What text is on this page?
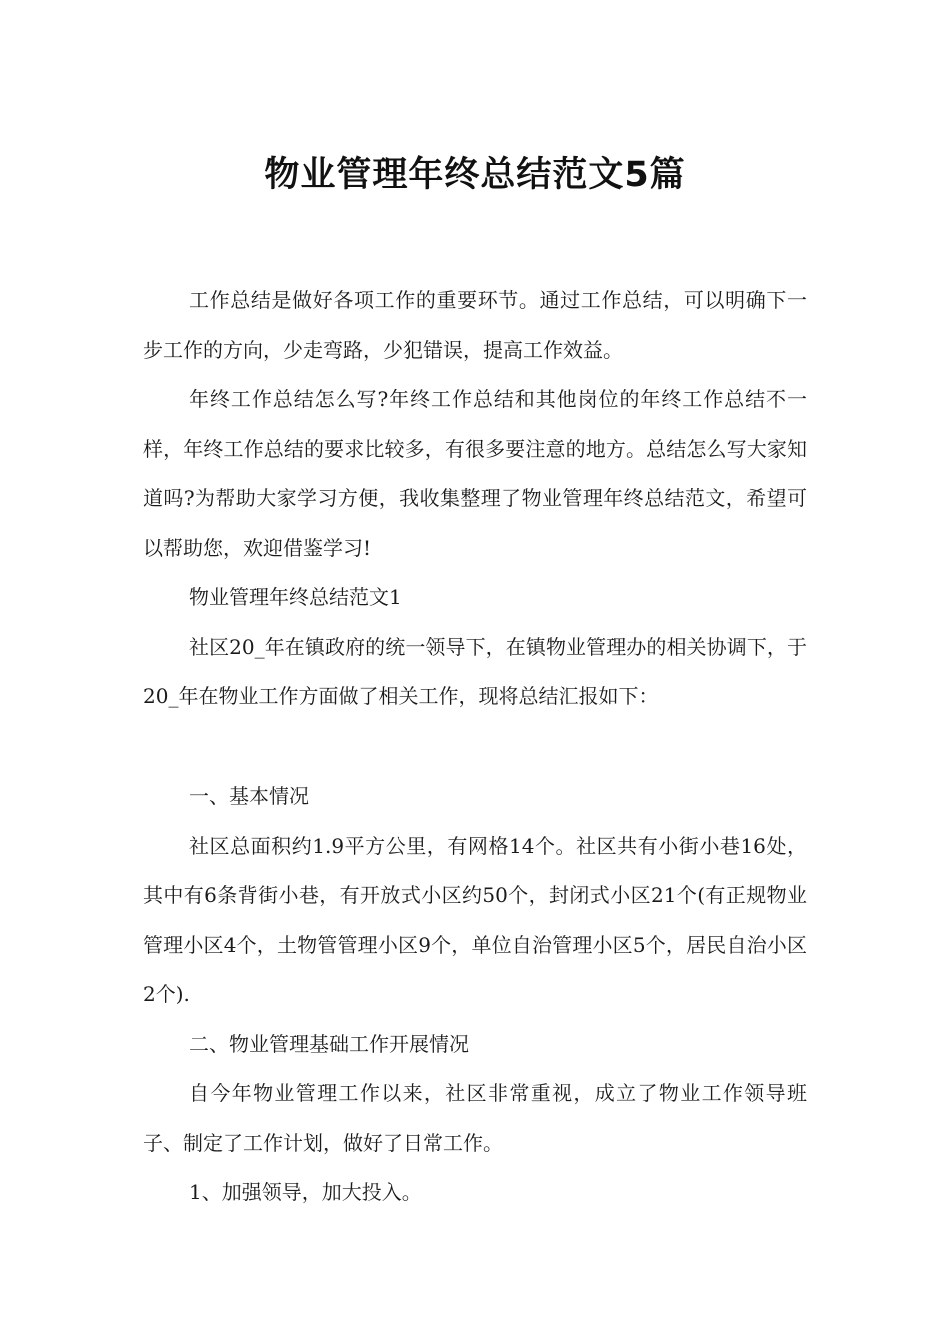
物业管理年终总结范文5篇

工作总结是做好各项工作的重要环节。通过工作总结，可以明确下一步工作的方向，少走弯路，少犯错误，提高工作效益。

年终工作总结怎么写?年终工作总结和其他岗位的年终工作总结不一样，年终工作总结的要求比较多，有很多要注意的地方。总结怎么写大家知道吗?为帮助大家学习方便，我收集整理了物业管理年终总结范文，希望可以帮助您，欢迎借鉴学习!

物业管理年终总结范文1

社区20_年在镇政府的统一领导下，在镇物业管理办的相关协调下，于20_年在物业工作方面做了相关工作，现将总结汇报如下：

一、基本情况

社区总面积约1.9平方公里，有网格14个。社区共有小街小巷16处，其中有6条背街小巷，有开放式小区约50个，封闭式小区21个(有正规物业管理小区4个，土物管管理小区9个，单位自治管理小区5个，居民自治小区2个).

二、物业管理基础工作开展情况

自今年物业管理工作以来，社区非常重视，成立了物业工作领导班子、制定了工作计划，做好了日常工作。

1、加强领导，加大投入。
